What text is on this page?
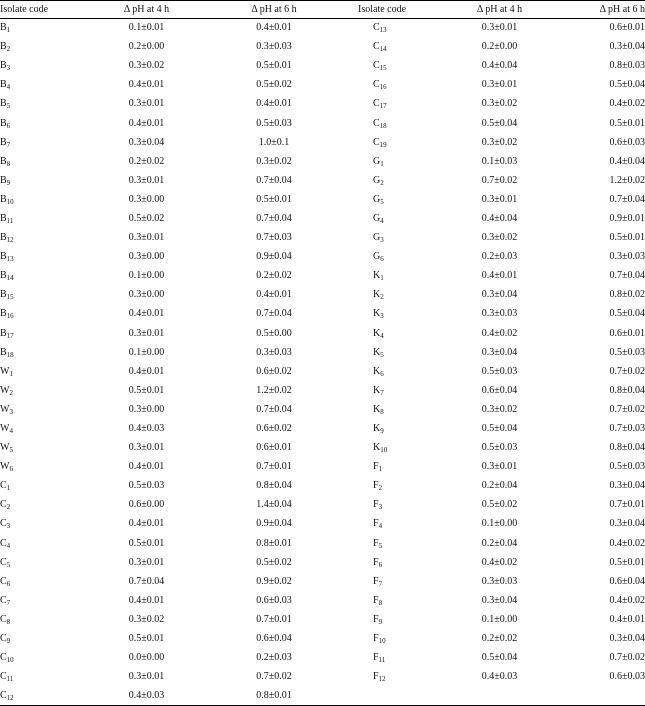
Isolate code	Δ pH at 4 h	Δ pH at 6 h	Isolate code	Δ pH at 4 h	Δ pH at 6 h
$B_1$	0.1±0.01	0.4±0.01	$C_{13}$	0.3±0.01	0.6±0.01
$B_2$	0.2±0.00	0.3±0.03	$C_{14}$	0.2±0.00	0.3±0.04
$B_3$	0.3±0.02	0.5±0.01	$C_{15}$	0.4±0.04	0.8±0.03
$B_4$	0.4±0.01	0.5±0.02	$C_{16}$	0.3±0.01	0.5±0.04
$B_5$	0.3±0.01	0.4±0.01	$C_{17}$	0.3±0.02	0.4±0.02
$B_6$	0.4±0.01	0.5±0.03	$C_{18}$	0.5±0.04	0.5±0.01
$B_7$	0.3±0.04	1.0±0.1	$C_{19}$	0.3±0.02	0.6±0.03
$B_8$	0.2±0.02	0.3±0.02	$G_1$	0.1±0.03	0.4±0.04
$B_9$	0.3±0.01	0.7±0.04	$G_2$	0.7±0.02	1.2±0.02
$B_{10}$	0.3±0.00	0.5±0.01	$G_5$	0.3±0.01	0.7±0.04
$B_{11}$	0.5±0.02	0.7±0.04	$G_4$	0.4±0.04	0.9±0.01
$B_{12}$	0.3±0.01	0.7±0.03	$G_3$	0.3±0.02	0.5±0.01
$B_{13}$	0.3±0.00	0.9±0.04	$G_6$	0.2±0.03	0.3±0.03
$B_{14}$	0.1±0.00	0.2±0.02	$K_1$	0.4±0.01	0.7±0.04
$B_{15}$	0.3±0.00	0.4±0.01	$K_2$	0.3±0.04	0.8±0.02
$B_{16}$	0.4±0.01	0.7±0.04	$K_3$	0.3±0.03	0.5±0.04
$B_{17}$	0.3±0.01	0.5±0.00	$K_4$	0.4±0.02	0.6±0.01
$B_{18}$	0.1±0.00	0.3±0.03	$K_5$	0.3±0.04	0.5±0.03
$W_1$	0.4±0.01	0.6±0.02	$K_6$	0.5±0.03	0.7±0.02
$W_2$	0.5±0.01	1.2±0.02	$K_7$	0.6±0.04	0.8±0.04
$W_3$	0.3±0.00	0.7±0.04	$K_8$	0.3±0.02	0.7±0.02
$W_4$	0.4±0.03	0.6±0.02	$K_9$	0.5±0.04	0.7±0.03
$W_5$	0.3±0.01	0.6±0.01	$K_{10}$	0.5±0.03	0.8±0.04
$W_6$	0.4±0.01	0.7±0.01	$F_1$	0.3±0.01	0.5±0.03
$C_1$	0.5±0.03	0.8±0.04	$F_2$	0.2±0.04	0.3±0.04
$C_2$	0.6±0.00	1.4±0.04	$F_3$	0.5±0.02	0.7±0.01
$C_3$	0.4±0.01	0.9±0.04	$F_4$	0.1±0.00	0.3±0.04
$C_4$	0.5±0.01	0.8±0.01	$F_5$	0.2±0.04	0.4±0.02
$C_5$	0.3±0.01	0.5±0.02	$F_6$	0.4±0.02	0.5±0.01
$C_6$	0.7±0.04	0.9±0.02	$F_7$	0.3±0.03	0.6±0.04
$C_7$	0.4±0.01	0.6±0.03	$F_8$	0.3±0.04	0.4±0.02
$C_8$	0.3±0.02	0.7±0.01	$F_9$	0.1±0.00	0.4±0.01
$C_9$	0.5±0.01	0.6±0.04	$F_{10}$	0.2±0.02	0.3±0.04
$C_{10}$	0.0±0.00	0.2±0.03	$F_{11}$	0.5±0.04	0.7±0.02
$C_{11}$	0.3±0.01	0.7±0.02	$F_{12}$	0.4±0.03	0.6±0.03
$C_{12}$	0.4±0.03	0.8±0.01			
